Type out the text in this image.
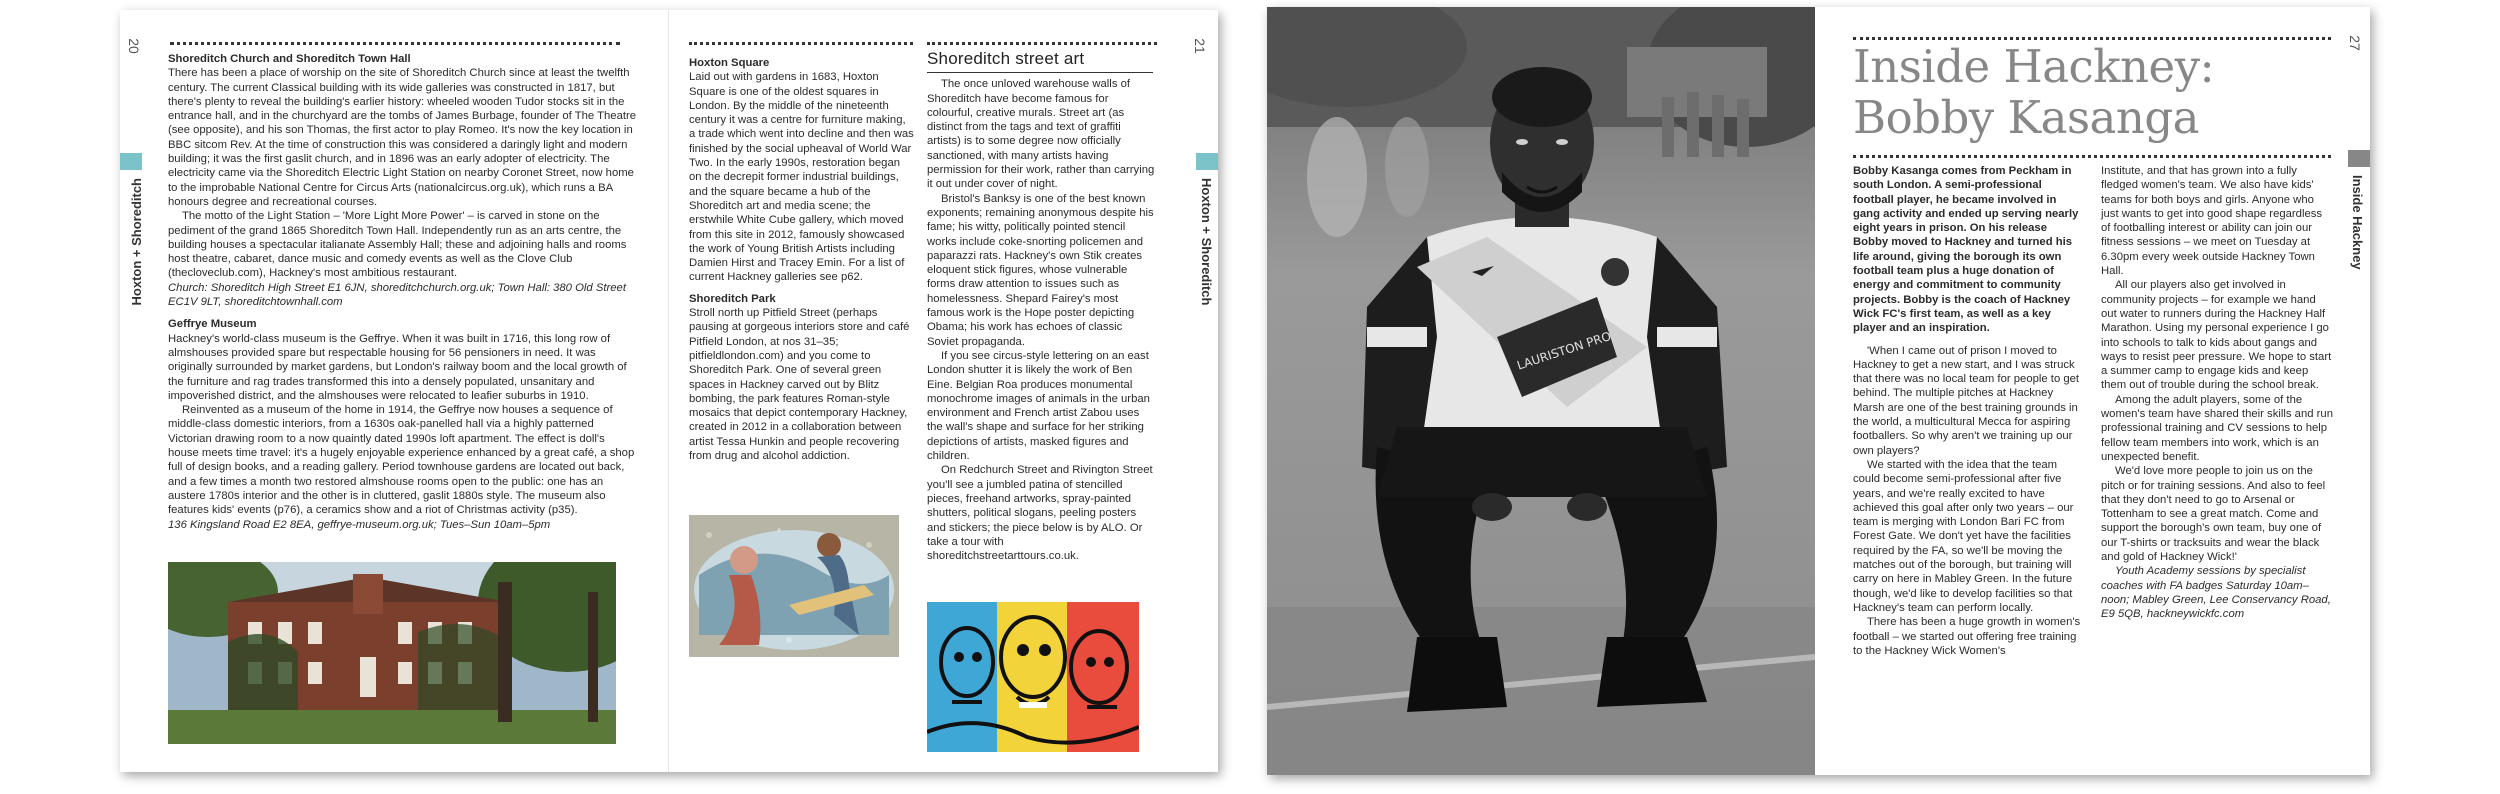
20
Hoxton + Shoreditch

Shoreditch Church and Shoreditch Town Hall

There has been a place of worship on the site of Shoreditch Church since at least the twelfth century. The current Classical building with its wide galleries was constructed in 1817, but there's plenty to reveal the building's earlier history: wheeled wooden Tudor stocks sit in the entrance hall, and in the churchyard are the tombs of James Burbage, founder of The Theatre (see opposite), and his son Thomas, the first actor to play Romeo. It's now the key location in BBC sitcom Rev. At the time of construction this was considered a daringly light and modern building; it was the first gaslit church, and in 1896 was an early adopter of electricity. The electricity came via the Shoreditch Electric Light Station on nearby Coronet Street, now home to the improbable National Centre for Circus Arts (nationalcircus.org.uk), which runs a BA honours degree and recreational courses.

The motto of the Light Station – 'More Light More Power' – is carved in stone on the pediment of the grand 1865 Shoreditch Town Hall. Independently run as an arts centre, the building houses a spectacular italianate Assembly Hall; these and adjoining halls and rooms host theatre, cabaret, dance music and comedy events as well as the Clove Club (thecloveclub.com), Hackney's most ambitious restaurant.

Church: Shoreditch High Street E1 6JN, shoreditchchurch.org.uk; Town Hall: 380 Old Street EC1V 9LT, shoreditchtownhall.com

Geffrye Museum

Hackney's world-class museum is the Geffrye. When it was built in 1716, this long row of almshouses provided spare but respectable housing for 56 pensioners in need. It was originally surrounded by market gardens, but London's railway boom and the local growth of the furniture and rag trades transformed this into a densely populated, unsanitary and impoverished district, and the almshouses were relocated to leafier suburbs in 1910.

Reinvented as a museum of the home in 1914, the Geffrye now houses a sequence of middle-class domestic interiors, from a 1630s oak-panelled hall via a highly patterned Victorian drawing room to a now quaintly dated 1990s loft apartment. The effect is doll's house meets time travel: it's a hugely enjoyable experience enhanced by a great café, a shop full of design books, and a reading gallery. Period townhouse gardens are located out back, and a few times a month two restored almshouse rooms open to the public: one has an austere 1780s interior and the other is in cluttered, gaslit 1880s style. The museum also features kids' events (p76), a ceramics show and a riot of Christmas activity (p35).

136 Kingsland Road E2 8EA, geffrye-museum.org.uk; Tues–Sun 10am–5pm

21
Hoxton + Shoreditch

Hoxton Square

Laid out with gardens in 1683, Hoxton Square is one of the oldest squares in London. By the middle of the nineteenth century it was a centre for furniture making, a trade which went into decline and then was finished by the social upheaval of World War Two. In the early 1990s, restoration began on the decrepit former industrial buildings, and the square became a hub of the Shoreditch art and media scene; the erstwhile White Cube gallery, which moved from this site in 2012, famously showcased the work of Young British Artists including Damien Hirst and Tracey Emin. For a list of current Hackney galleries see p62.

Shoreditch Park

Stroll north up Pitfield Street (perhaps pausing at gorgeous interiors store and café Pitfield London, at nos 31–35; pitfieldlondon.com) and you come to Shoreditch Park. One of several green spaces in Hackney carved out by Blitz bombing, the park features Roman-style mosaics that depict contemporary Hackney, created in 2012 in a collaboration between artist Tessa Hunkin and people recovering from drug and alcohol addiction.

Shoreditch street art

The once unloved warehouse walls of Shoreditch have become famous for colourful, creative murals. Street art (as distinct from the tags and text of graffiti artists) is to some degree now officially sanctioned, with many artists having permission for their work, rather than carrying it out under cover of night.

Bristol's Banksy is one of the best known exponents; remaining anonymous despite his fame; his witty, politically pointed stencil works include coke-snorting policemen and paparazzi rats. Hackney's own Stik creates eloquent stick figures, whose vulnerable forms draw attention to issues such as homelessness. Shepard Fairey's most famous work is the Hope poster depicting Obama; his work has echoes of classic Soviet propaganda.

If you see circus-style lettering on an east London shutter it is likely the work of Ben Eine. Belgian Roa produces monumental monochrome images of animals in the urban environment and French artist Zabou uses the wall's shape and surface for her striking depictions of artists, masked figures and children.

On Redchurch Street and Rivington Street you'll see a jumbled patina of stencilled pieces, freehand artworks, spray-painted shutters, political slogans, peeling posters and stickers; the piece below is by ALO. Or take a tour with shoreditchstreetarttours.co.uk.

LAURISTON PRO
27
Inside Hackney
Inside Hackney:
Bobby Kasanga

Bobby Kasanga comes from Peckham in south London. A semi-professional football player, he became involved in gang activity and ended up serving nearly eight years in prison. On his release Bobby moved to Hackney and turned his life around, giving the borough its own football team plus a huge donation of energy and commitment to community projects. Bobby is the coach of Hackney Wick FC's first team, as well as a key player and an inspiration.

'When I came out of prison I moved to Hackney to get a new start, and I was struck that there was no local team for people to get behind. The multiple pitches at Hackney Marsh are one of the best training grounds in the world, a multicultural Mecca for aspiring footballers. So why aren't we training up our own players?

We started with the idea that the team could become semi-professional after five years, and we're really excited to have achieved this goal after only two years – our team is merging with London Bari FC from Forest Gate. We don't yet have the facilities required by the FA, so we'll be moving the matches out of the borough, but training will carry on here in Mabley Green. In the future though, we'd like to develop facilities so that Hackney's team can perform locally.

There has been a huge growth in women's football – we started out offering free training to the Hackney Wick Women's

Institute, and that has grown into a fully fledged women's team. We also have kids' teams for both boys and girls. Anyone who just wants to get into good shape regardless of footballing interest or ability can join our fitness sessions – we meet on Tuesday at 6.30pm every week outside Hackney Town Hall.

All our players also get involved in community projects – for example we hand out water to runners during the Hackney Half Marathon. Using my personal experience I go into schools to talk to kids about gangs and ways to resist peer pressure. We hope to start a summer camp to engage kids and keep them out of trouble during the school break.

Among the adult players, some of the women's team have shared their skills and run professional training and CV sessions to help fellow team members into work, which is an unexpected benefit.

We'd love more people to join us on the pitch or for training sessions. And also to feel that they don't need to go to Arsenal or Tottenham to see a great match. Come and support the borough's own team, buy one of our T-shirts or tracksuits and wear the black and gold of Hackney Wick!'

Youth Academy sessions by specialist coaches with FA badges Saturday 10am–noon; Mabley Green, Lee Conservancy Road, E9 5QB, hackneywickfc.com
